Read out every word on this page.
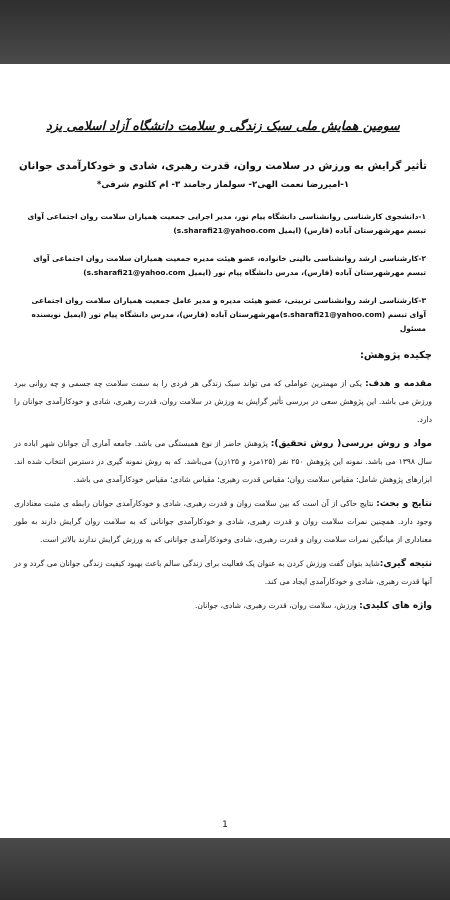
1
سومین همایش ملی سبک زندگی و سلامت دانشگاه آزاد اسلامی یزد
تأثیر گرایش به ورزش در سلامت روان، قدرت رهبری، شادی و خودکارآمدی جوانان
۱-امیررضا نعمت الهی۲- سولماز رجامند ۳- ام کلثوم شرفی*
۱-دانشجوی کارشناسی روانشناسی دانشگاه پیام نور، مدیر اجرایی جمعیت همیاران سلامت روان اجتماعی آوای تبسم مهرشهرستان آباده (فارس) (ایمیل s.sharafi21@yahoo.com)
۲-کارشناسی ارشد روانشناسی بالینی خانواده، عضو هیئت مدیره جمعیت همیاران سلامت روان اجتماعی آوای تبسم مهرشهرستان آباده (فارس)، مدرس دانشگاه پیام نور (ایمیل s.sharafi21@yahoo.com)
۳-کارشناسی ارشد روانشناسی تربیتی، عضو هیئت مدیره و مدیر عامل جمعیت همیاران سلامت روان اجتماعی آوای تبسم (s.sharafi21@yahoo.com)مهرشهرستان آباده (فارس)، مدرس دانشگاه پیام نور (ایمیل نویسنده مسئول
چکیده پژوهش:
مقدمه و هدف: یکی از مهمترین عواملی که می تواند سبک زندگی هر فردی را به سمت سلامت چه جسمی و چه روانی ببرد ورزش می باشد. این پژوهش سعی در بررسی تأثیر گرایش به ورزش در سلامت روان، قدرت رهبری، شادی و خودکارآمدی جوانان را دارد.
مواد و روش بررسی( روش تحقیق): پژوهش حاضر از نوع همبستگی می باشد. جامعه آماری آن جوانان شهر اباده در سال ۱۳۹۸ می باشد. نمونه این پژوهش ۲۵۰ نفر (۱۲۵مرد و ۱۲۵زن) می‌باشد. که به روش نمونه گیری در دسترس انتخاب شده اند. ابزارهای پژوهش شامل: مقیاس سلامت روان؛ مقیاس قدرت رهبری؛ مقیاس شادی؛ مقیاس خودکارآمدی می باشد.
نتایج و بحث: نتایج حاکی از آن است که بین سلامت روان و قدرت رهبری، شادی و خودکارآمدی جوانان رابطه ی مثبت معناداری وجود دارد. همچنین نمرات سلامت روان و قدرت رهبری، شادی و خودکارآمدی جوانانی که به سلامت روان گرایش دارند به طور معناداری از میانگین نمرات سلامت روان و قدرت رهبری، شادی وخودکارآمدی جوانانی که به ورزش گرایش ندارند بالاتر است.
نتیجه گیری:شاید بتوان گفت ورزش کردن به عنوان یک فعالیت برای زندگی سالم باعث بهبود کیفیت زندگی جوانان می گردد و در آنها قدرت رهبری، شادی و خودکارآمدی ایجاد می کند.
واژه های کلیدی: ورزش، سلامت روان، قدرت رهبری، شادی، جوانان.
